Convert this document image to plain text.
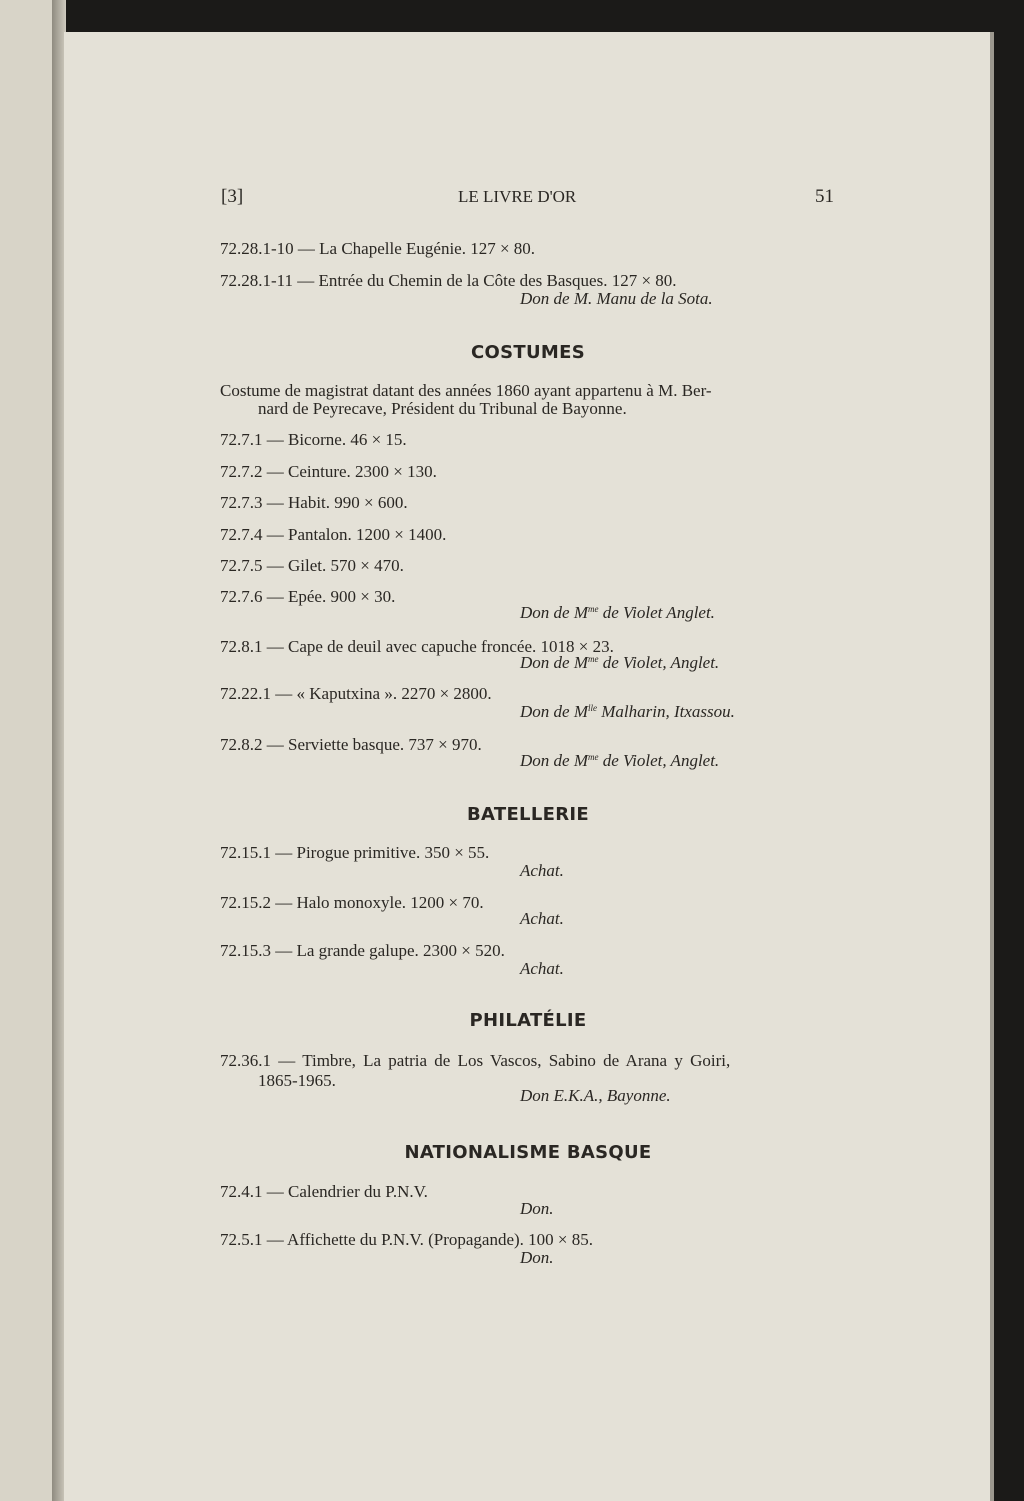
[3]	LE LIVRE D'OR	51
72.28.1-10 — La Chapelle Eugénie. 127 × 80.
72.28.1-11 — Entrée du Chemin de la Côte des Basques. 127 × 80.
Don de M. Manu de la Sota.
COSTUMES
Costume de magistrat datant des années 1860 ayant appartenu à M. Ber-
nard de Peyrecave, Président du Tribunal de Bayonne.
72.7.1 — Bicorne. 46 × 15.
72.7.2 — Ceinture. 2300 × 130.
72.7.3 — Habit. 990 × 600.
72.7.4 — Pantalon. 1200 × 1400.
72.7.5 — Gilet. 570 × 470.
72.7.6 — Epée. 900 × 30.
Don de $M^{me}$ de Violet Anglet.
72.8.1 — Cape de deuil avec capuche froncée. 1018 × 23.
Don de $M^{me}$ de Violet, Anglet.
72.22.1 — « Kaputxina ». 2270 × 2800.
Don de $M^{lle}$ Malharin, Itxassou.
72.8.2 — Serviette basque. 737 × 970.
Don de $M^{me}$ de Violet, Anglet.
BATELLERIE
72.15.1 — Pirogue primitive. 350 × 55.
Achat.
72.15.2 — Halo monoxyle. 1200 × 70.
Achat.
72.15.3 — La grande galupe. 2300 × 520.
Achat.
PHILATÉLIE
72.36.1 — Timbre, La patria de Los Vascos, Sabino de Arana y Goiri,
1865-1965.
Don E.K.A., Bayonne.
NATIONALISME BASQUE
72.4.1 — Calendrier du P.N.V.
Don.
72.5.1 — Affichette du P.N.V. (Propagande). 100 × 85.
Don.
